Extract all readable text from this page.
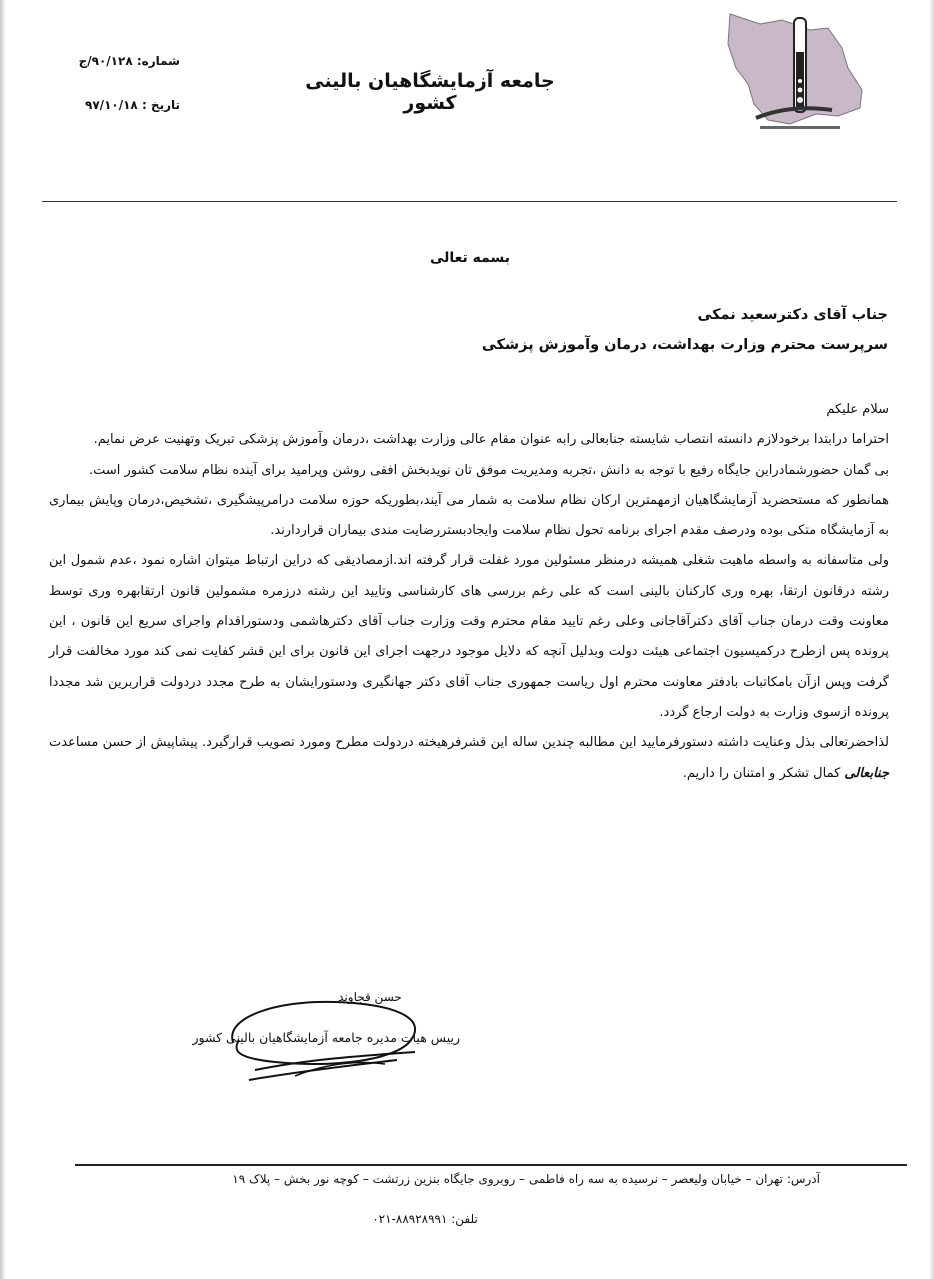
جامعه آزمایشگاهیان بالینی کشور
شماره: ۹۰/۱۲۸/ج
تاریخ : ۹۷/۱۰/۱۸
بسمه تعالی
جناب آقای دکترسعید نمکی
سرپرست محترم وزارت بهداشت، درمان وآموزش پزشکی

سلام علیکم

احتراما درابتدا برخودلازم دانسته انتصاب شایسته جنابعالی رابه عنوان مقام عالی وزارت بهداشت ،درمان وآموزش پزشکی تبریک وتهنیت عرض نمایم.

بی گمان حضورشمادراین جایگاه رفیع با توجه به دانش ،تجربه ومدیریت موفق تان نویدبخش افقی روشن وپرامید برای آینده نظام سلامت کشور است.

همانطور که مستحضرید آزمایشگاهیان ازمهمترین ارکان نظام سلامت به شمار می آیند،بطوریکه حوزه سلامت درامرپیشگیری ،تشخیص،درمان وپایش بیماری به آزمایشگاه متکی بوده ودرصف مقدم اجرای برنامه تحول نظام سلامت وایجادبستررضایت مندی بیماران قراردارند.

ولی متاسفانه به واسطه ماهیت شغلی همیشه درمنظر مسئولین مورد غفلت قرار گرفته اند.ازمصادیقی که دراین ارتباط میتوان اشاره نمود ،عدم شمول این رشته درقانون ارتقا، بهره وری کارکنان بالینی است که علی رغم بررسی های کارشناسی وتایید این رشته درزمره مشمولین قانون ارتقابهره وری توسط معاونت وقت درمان جناب آقای دکترآقاجانی وعلی رغم تایید مقام محترم وقت وزارت جناب آقای دکترهاشمی ودستوراقدام واجرای سریع این قانون ، این پرونده پس ازطرح درکمیسیون اجتماعی هیئت دولت وبدلیل آنچه که دلایل موجود درجهت اجرای این قانون برای این قشر کفایت نمی کند مورد مخالفت قرار گرفت وپس ازآن بامکاتبات بادفتر معاونت محترم اول ریاست جمهوری جناب آقای دکتر جهانگیری ودستورایشان به طرح مجدد دردولت قراربرین شد مجددا پرونده ازسوی وزارت به دولت ارجاع گردد.

لذاحضرتعالی بذل وعنایت داشته دستورفرمایید این مطالبه چندین ساله این قشرفرهیخته دردولت مطرح ومورد تصویب قرارگیرد. پیشاپیش از حسن مساعدت جنابعالی کمال تشکر و امتنان را داریم.

حسن قجاوند
رییس هیات مدیره جامعه آزمایشگاهیان بالینی کشور
آدرس: تهران – خیابان ولیعصر – نرسیده به سه راه فاطمی – روبروی جایگاه بنزین زرتشت – کوچه نور بخش – پلاک ۱۹
تلفن: ۸۸۹۲۸۹۹۱-۰۲۱
